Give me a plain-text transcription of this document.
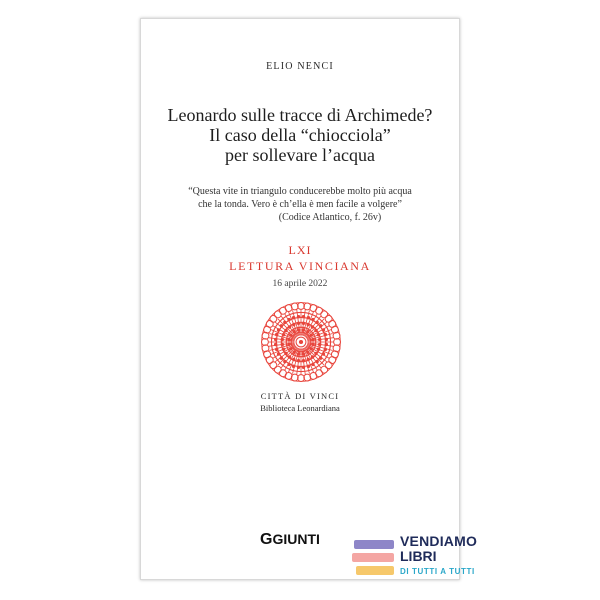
ELIO NENCI
Leonardo sulle tracce di Archimede?
Il caso della “chiocciola”
per sollevare l’acqua
“Questa vite in triangulo conducerebbe molto più acqua
che la tonda. Vero è ch’ella è men facile a volgere”
(Codice Atlantico, f. 26v)
LXI
LETTURA VINCIANA
16 aprile 2022
CITTÀ DI VINCI
Biblioteca Leonardiana
GGIUNTI	VENDIAMO
LIBRI
DI TUTTI A TUTTI
